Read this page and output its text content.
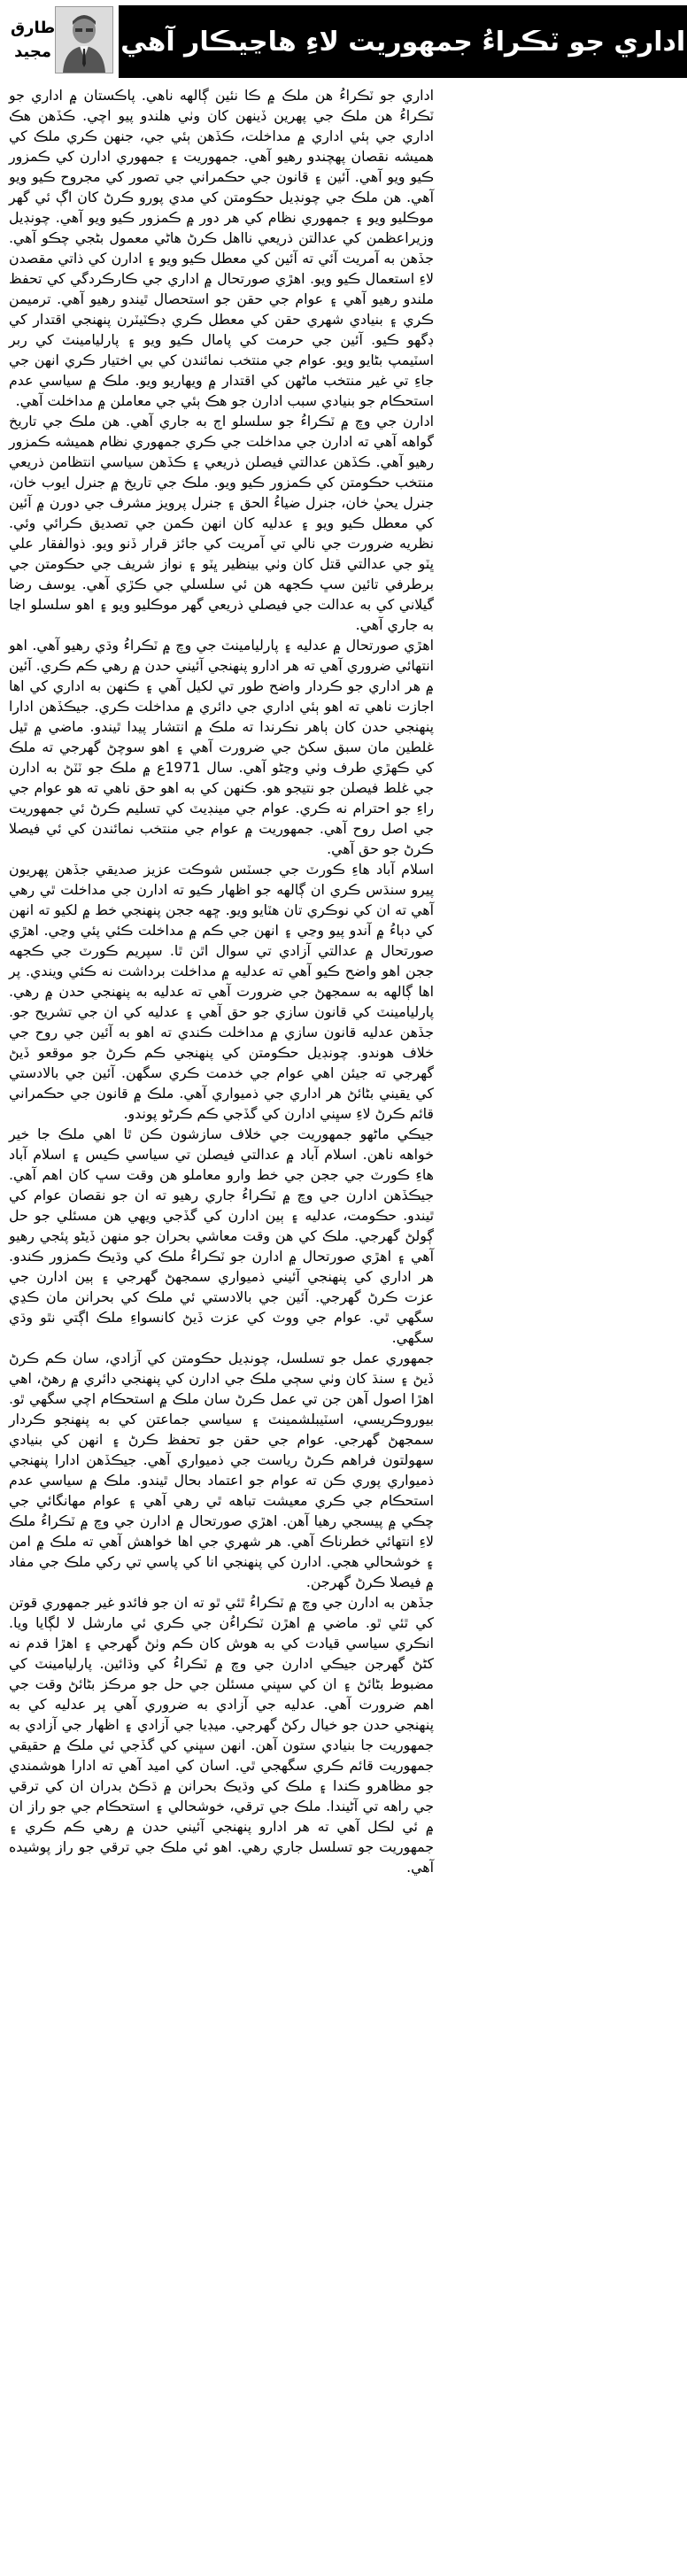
طارق
مجيد	اداري جو ٽڪراءُ جمهوريت لاءِ هاڃيڪار آهي

اداري جو ٽڪراءُ هن ملڪ ۾ ڪا نئين ڳالهه ناهي. پاڪستان ۾ اداري جو ٽڪراءُ هن ملڪ جي پهرين ڏينهن کان وٺي هلندو پيو اچي. ڪڏهن هڪ اداري جي ٻئي اداري ۾ مداخلت، ڪڏهن ٻئي جي، جنهن ڪري ملڪ کي هميشه نقصان پهچندو رهيو آهي. جمهوريت ۽ جمهوري ادارن کي ڪمزور ڪيو ويو آهي. آئين ۽ قانون جي حڪمراني جي تصور کي مجروح ڪيو ويو آهي. هن ملڪ جي چونڊيل حڪومتن کي مدي پورو ڪرڻ کان اڳ ئي گهر موڪليو ويو ۽ جمهوري نظام کي هر دور ۾ ڪمزور ڪيو ويو آهي. چونڊيل وزيراعظمن کي عدالتن ذريعي نااهل ڪرڻ هاڻي معمول بڻجي چڪو آهي. جڏهن به آمريت آئي ته آئين کي معطل ڪيو ويو ۽ ادارن کي ذاتي مقصدن لاءِ استعمال ڪيو ويو. اهڙي صورتحال ۾ اداري جي ڪارڪردگي کي تحفظ ملندو رهيو آهي ۽ عوام جي حقن جو استحصال ٿيندو رهيو آهي. ترميمن ڪري ۽ بنيادي شهري حقن کي معطل ڪري ڊڪٽيٽرن پنهنجي اقتدار کي ڊگهو ڪيو. آئين جي حرمت کي پامال ڪيو ويو ۽ پارليامينٽ کي ربر اسٽيمپ بڻايو ويو. عوام جي منتخب نمائندن کي بي اختيار ڪري انهن جي جاءِ تي غير منتخب ماڻهن کي اقتدار ۾ ويهاريو ويو. ملڪ ۾ سياسي عدم استحڪام جو بنيادي سبب ادارن جو هڪ ٻئي جي معاملن ۾ مداخلت آهي.

ادارن جي وچ ۾ ٽڪراءُ جو سلسلو اڄ به جاري آهي. هن ملڪ جي تاريخ گواهه آهي ته ادارن جي مداخلت جي ڪري جمهوري نظام هميشه ڪمزور رهيو آهي. ڪڏهن عدالتي فيصلن ذريعي ۽ ڪڏهن سياسي انتظامن ذريعي منتخب حڪومتن کي ڪمزور ڪيو ويو. ملڪ جي تاريخ ۾ جنرل ايوب خان، جنرل يحيٰ خان، جنرل ضياءُ الحق ۽ جنرل پرويز مشرف جي دورن ۾ آئين کي معطل ڪيو ويو ۽ عدليه کان انهن ڪمن جي تصديق ڪرائي وئي. نظريه ضرورت جي نالي تي آمريت کي جائز قرار ڏنو ويو. ذوالفقار علي ڀٽو جي عدالتي قتل کان وٺي بينظير ڀٽو ۽ نواز شريف جي حڪومتن جي برطرفي تائين سڀ ڪجهه هن ئي سلسلي جي ڪڙي آهي. يوسف رضا گيلاني کي به عدالت جي فيصلي ذريعي گهر موڪليو ويو ۽ اهو سلسلو اڃا به جاري آهي.

اهڙي صورتحال ۾ عدليه ۽ پارليامينٽ جي وچ ۾ ٽڪراءُ وڌي رهيو آهي. اهو انتهائي ضروري آهي ته هر ادارو پنهنجي آئيني حدن ۾ رهي ڪم ڪري. آئين ۾ هر اداري جو ڪردار واضح طور تي لکيل آهي ۽ ڪنهن به اداري کي اها اجازت ناهي ته اهو ٻئي اداري جي دائري ۾ مداخلت ڪري. جيڪڏهن ادارا پنهنجي حدن کان ٻاهر نڪرندا ته ملڪ ۾ انتشار پيدا ٿيندو. ماضي ۾ ٿيل غلطين مان سبق سکڻ جي ضرورت آهي ۽ اهو سوچڻ گهرجي ته ملڪ کي ڪهڙي طرف وٺي وڃڻو آهي. سال 1971ع ۾ ملڪ جو ٽٽڻ به ادارن جي غلط فيصلن جو نتيجو هو. ڪنهن کي به اهو حق ناهي ته هو عوام جي راءِ جو احترام نه ڪري. عوام جي مينڊيٽ کي تسليم ڪرڻ ئي جمهوريت جي اصل روح آهي. جمهوريت ۾ عوام جي منتخب نمائندن کي ئي فيصلا ڪرڻ جو حق آهي.

اسلام آباد هاءِ ڪورٽ جي جسٽس شوڪت عزيز صديقي جڏهن پهريون پيرو سنڌس ڪري ان ڳالهه جو اظهار ڪيو ته ادارن جي مداخلت ٿي رهي آهي ته ان کي نوڪري تان هٽايو ويو. ڇهه ججن پنهنجي خط ۾ لکيو ته انهن کي دٻاءُ ۾ آندو پيو وڃي ۽ انهن جي ڪم ۾ مداخلت ڪئي پئي وڃي. اهڙي صورتحال ۾ عدالتي آزادي تي سوال اٿن ٿا. سپريم ڪورٽ جي ڪجهه ججن اهو واضح ڪيو آهي ته عدليه ۾ مداخلت برداشت نه ڪئي ويندي. پر اها ڳالهه به سمجهڻ جي ضرورت آهي ته عدليه به پنهنجي حدن ۾ رهي. پارليامينٽ کي قانون سازي جو حق آهي ۽ عدليه کي ان جي تشريح جو. جڏهن عدليه قانون سازي ۾ مداخلت ڪندي ته اهو به آئين جي روح جي خلاف هوندو. چونڊيل حڪومتن کي پنهنجي ڪم ڪرڻ جو موقعو ڏيڻ گهرجي ته جيئن اهي عوام جي خدمت ڪري سگهن. آئين جي بالادستي کي يقيني بڻائڻ هر اداري جي ذميواري آهي. ملڪ ۾ قانون جي حڪمراني قائم ڪرڻ لاءِ سڀني ادارن کي گڏجي ڪم ڪرڻو پوندو.

جيڪي ماڻهو جمهوريت جي خلاف سازشون ڪن ٿا اهي ملڪ جا خير خواهه ناهن. اسلام آباد ۾ عدالتي فيصلن تي سياسي ڪيس ۽ اسلام آباد هاءِ ڪورٽ جي ججن جي خط وارو معاملو هن وقت سڀ کان اهم آهي. جيڪڏهن ادارن جي وچ ۾ ٽڪراءُ جاري رهيو ته ان جو نقصان عوام کي ٿيندو. حڪومت، عدليه ۽ ٻين ادارن کي گڏجي ويهي هن مسئلي جو حل ڳولڻ گهرجي. ملڪ کي هن وقت معاشي بحران جو منهن ڏيڻو پئجي رهيو آهي ۽ اهڙي صورتحال ۾ ادارن جو ٽڪراءُ ملڪ کي وڌيڪ ڪمزور ڪندو. هر اداري کي پنهنجي آئيني ذميواري سمجهڻ گهرجي ۽ ٻين ادارن جي عزت ڪرڻ گهرجي. آئين جي بالادستي ئي ملڪ کي بحرانن مان ڪڍي سگهي ٿي. عوام جي ووٽ کي عزت ڏيڻ کانسواءِ ملڪ اڳتي نٿو وڌي سگهي.

جمهوري عمل جو تسلسل، چونڊيل حڪومتن کي آزادي، سان ڪم ڪرڻ ڏيڻ ۽ سنڌ کان وٺي سڄي ملڪ جي ادارن کي پنهنجي دائري ۾ رهڻ، اهي اهڙا اصول آهن جن تي عمل ڪرڻ سان ملڪ ۾ استحڪام اچي سگهي ٿو. بيوروڪريسي، اسٽيبلشمينٽ ۽ سياسي جماعتن کي به پنهنجو ڪردار سمجهڻ گهرجي. عوام جي حقن جو تحفظ ڪرڻ ۽ انهن کي بنيادي سهولتون فراهم ڪرڻ رياست جي ذميواري آهي. جيڪڏهن ادارا پنهنجي ذميواري پوري ڪن ته عوام جو اعتماد بحال ٿيندو. ملڪ ۾ سياسي عدم استحڪام جي ڪري معيشت تباهه ٿي رهي آهي ۽ عوام مهانگائي جي چڪي ۾ پيسجي رهيا آهن. اهڙي صورتحال ۾ ادارن جي وچ ۾ ٽڪراءُ ملڪ لاءِ انتهائي خطرناڪ آهي. هر شهري جي اها خواهش آهي ته ملڪ ۾ امن ۽ خوشحالي هجي. ادارن کي پنهنجي انا کي پاسي تي رکي ملڪ جي مفاد ۾ فيصلا ڪرڻ گهرجن.

جڏهن به ادارن جي وچ ۾ ٽڪراءُ ٿئي ٿو ته ان جو فائدو غير جمهوري قوتن کي ٿئي ٿو. ماضي ۾ اهڙن ٽڪراءُن جي ڪري ئي مارشل لا لڳايا ويا. انڪري سياسي قيادت کي به هوش کان ڪم وٺڻ گهرجي ۽ اهڙا قدم نه کڻڻ گهرجن جيڪي ادارن جي وچ ۾ ٽڪراءُ کي وڌائين. پارليامينٽ کي مضبوط بڻائڻ ۽ ان کي سڀني مسئلن جي حل جو مرڪز بڻائڻ وقت جي اهم ضرورت آهي. عدليه جي آزادي به ضروري آهي پر عدليه کي به پنهنجي حدن جو خيال رکڻ گهرجي. ميڊيا جي آزادي ۽ اظهار جي آزادي به جمهوريت جا بنيادي ستون آهن. انهن سڀني کي گڏجي ئي ملڪ ۾ حقيقي جمهوريت قائم ڪري سگهجي ٿي. اسان کي اميد آهي ته ادارا هوشمندي جو مظاهرو ڪندا ۽ ملڪ کي وڌيڪ بحرانن ۾ ڌڪڻ بدران ان کي ترقي جي راهه تي آڻيندا. ملڪ جي ترقي، خوشحالي ۽ استحڪام جي جو راز ان ۾ ئي لڪل آهي ته هر ادارو پنهنجي آئيني حدن ۾ رهي ڪم ڪري ۽ جمهوريت جو تسلسل جاري رهي. اهو ئي ملڪ جي ترقي جو راز پوشيده آهي.
